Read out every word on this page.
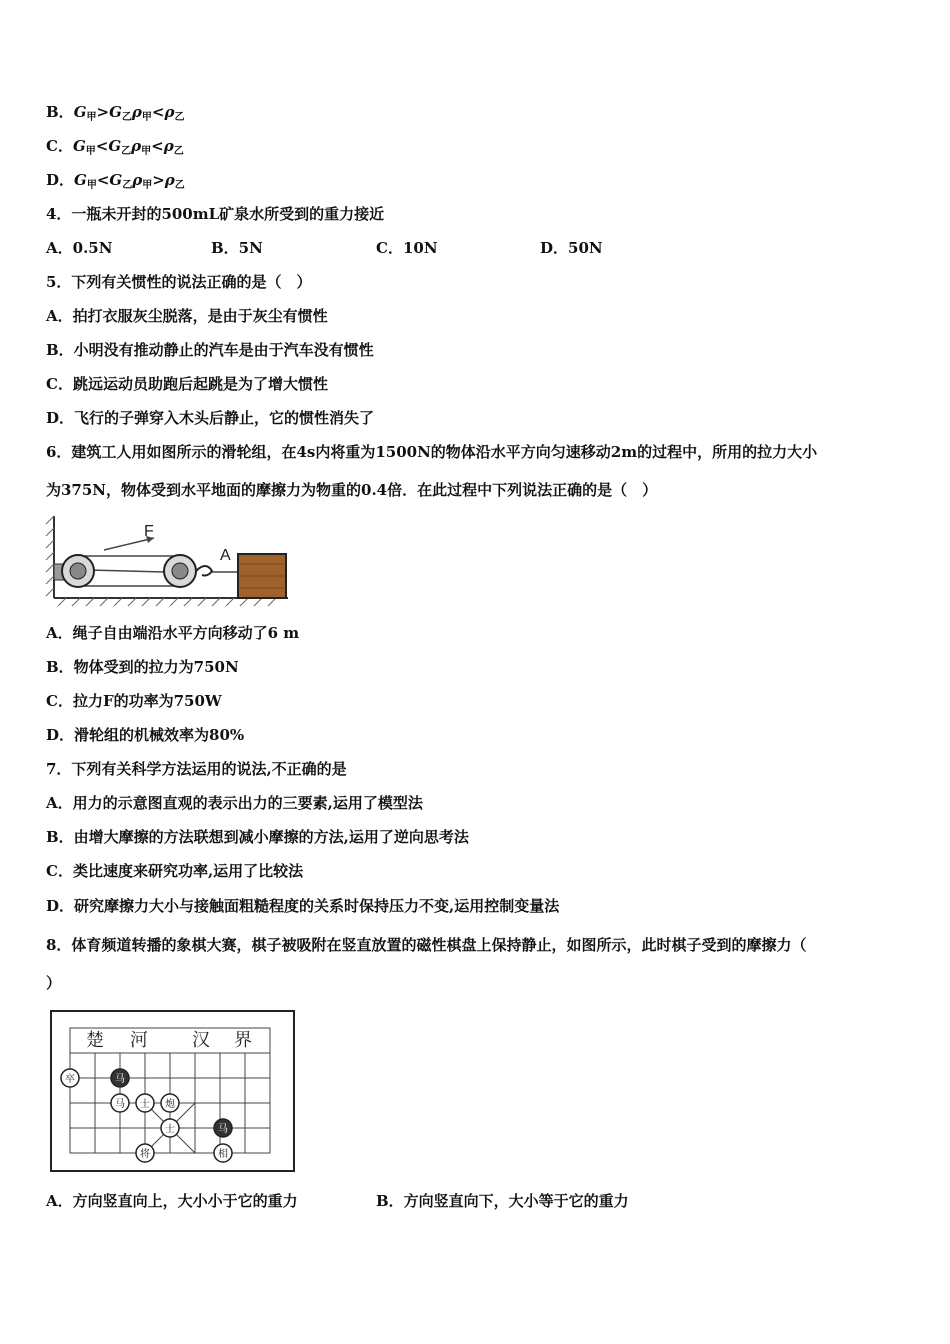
B．$G_甲>G_乙\rho_甲<\rho_乙$
C．$G_甲<G_乙\rho_甲<\rho_乙$
D．$G_甲<G_乙\rho_甲>\rho_乙$
4．一瓶未开封的500mL矿泉水所受到的重力接近
A．0.5N	B．5N	C．10N	D．50N
5．下列有关惯性的说法正确的是（　）
A．拍打衣服灰尘脱落，是由于灰尘有惯性
B．小明没有推动静止的汽车是由于汽车没有惯性
C．跳远运动员助跑后起跳是为了增大惯性
D．飞行的子弹穿入木头后静止，它的惯性消失了
6．建筑工人用如图所示的滑轮组，在4s内将重为1500N的物体沿水平方向匀速移动2m的过程中，所用的拉力大小
为375N，物体受到水平地面的摩擦力为物重的0.4倍．在此过程中下列说法正确的是（　）
F
A
A．绳子自由端沿水平方向移动了6 m
B．物体受到的拉力为750N
C．拉力F的功率为750W
D．滑轮组的机械效率为80%
7．下列有关科学方法运用的说法,不正确的是
A．用力的示意图直观的表示出力的三要素,运用了模型法
B．由增大摩擦的方法联想到减小摩擦的方法,运用了逆向思考法
C．类比速度来研究功率,运用了比较法
D．研究摩擦力大小与接触面粗糙程度的关系时保持压力不变,运用控制变量法
8．体育频道转播的象棋大赛，棋子被吸附在竖直放置的磁性棋盘上保持静止，如图所示，此时棋子受到的摩擦力（
）
楚 河 汉 界
卒	马
马 士 炮
士
将
马
相
A．方向竖直向上，大小小于它的重力	B．方向竖直向下，大小等于它的重力
